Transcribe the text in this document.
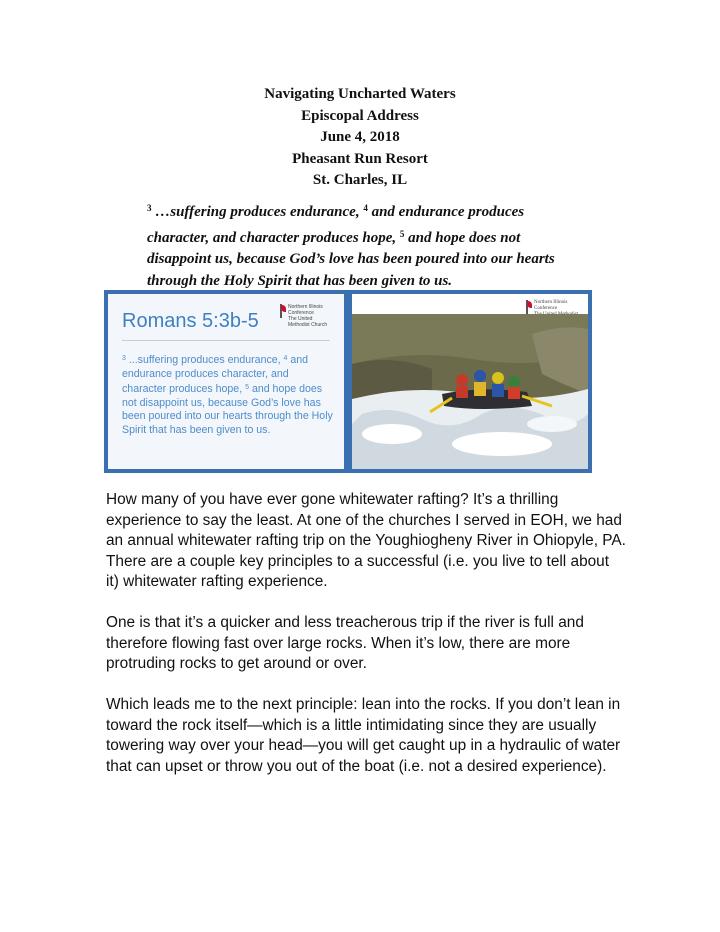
Navigating Uncharted Waters
Episcopal Address
June 4, 2018
Pheasant Run Resort
St. Charles, IL
$^3$ …suffering produces endurance, $^4$ and endurance produces character, and character produces hope, $^5$ and hope does not disappoint us, because God’s love has been poured into our hearts through the Holy Spirit that has been given to us.
Romans 5:3b-5
Northern Illinois Conference
The United Methodist Church
$^3$ ...suffering produces endurance, $^4$ and endurance produces character, and character produces hope, $^5$ and hope does not disappoint us, because God’s love has been poured into our hearts through the Holy Spirit that has been given to us.
Northern Illinois Conference

How many of you have ever gone whitewater rafting? It’s a thrilling experience to say the least. At one of the churches I served in EOH, we had an annual whitewater rafting trip on the Youghiogheny River in Ohiopyle, PA. There are a couple key principles to a successful (i.e. you live to tell about it) whitewater rafting experience.

One is that it’s a quicker and less treacherous trip if the river is full and therefore flowing fast over large rocks. When it’s low, there are more protruding rocks to get around or over.

Which leads me to the next principle: lean into the rocks. If you don’t lean in toward the rock itself—which is a little intimidating since they are usually towering way over your head—you will get caught up in a hydraulic of water that can upset or throw you out of the boat (i.e. not a desired experience).
